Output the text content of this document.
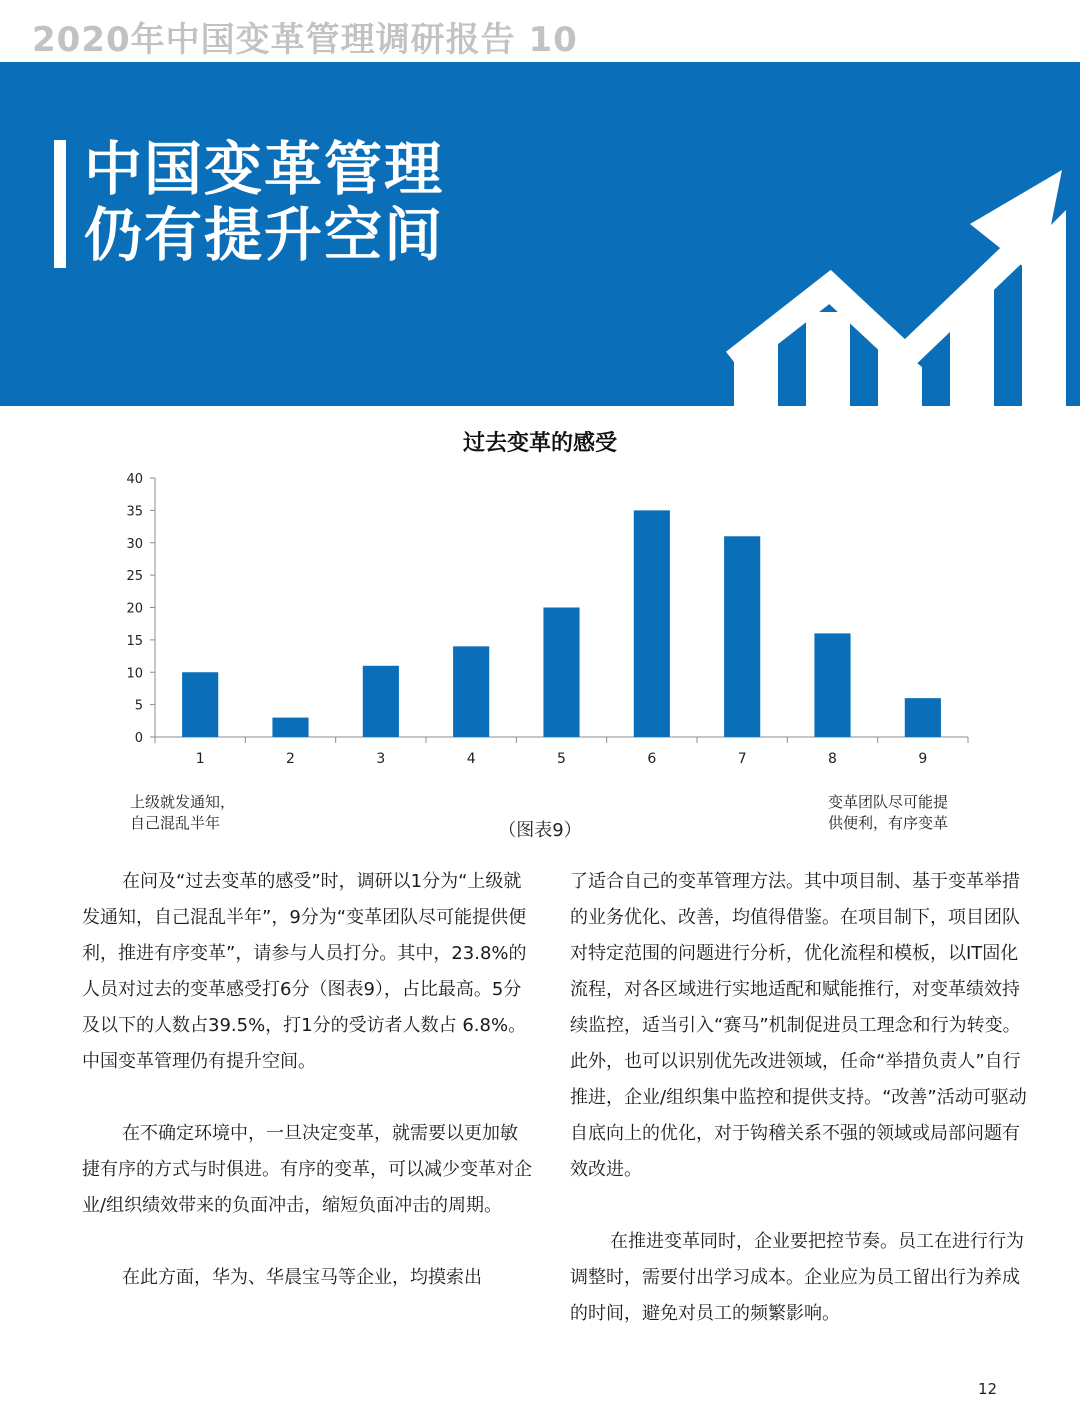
2020年中国变革管理调研报告 10
中国变革管理
仍有提升空间
过去变革的感受
0
5
10
15
20
25
30
35
40
1	2	3	4	5	6	7	8	9
上级就发通知，
自己混乱半年
变革团队尽可能提
供便利，有序变革
（图表9）

在问及“过去变革的感受”时，调研以1分为“上级就发通知，自己混乱半年”，9分为“变革团队尽可能提供便利，推进有序变革”，请参与人员打分。其中，23.8%的人员对过去的变革感受打6分（图表9），占比最高。5分及以下的人数占39.5%，打1分的受访者人数占 6.8%。中国变革管理仍有提升空间。

在不确定环境中，一旦决定变革，就需要以更加敏捷有序的方式与时俱进。有序的变革，可以减少变革对企业/组织绩效带来的负面冲击，缩短负面冲击的周期。

在此方面，华为、华晨宝马等企业，均摸索出

了适合自己的变革管理方法。其中项目制、基于变革举措的业务优化、改善，均值得借鉴。在项目制下，项目团队对特定范围的问题进行分析，优化流程和模板，以IT固化流程，对各区域进行实地适配和赋能推行，对变革绩效持续监控，适当引入“赛马”机制促进员工理念和行为转变。此外，也可以识别优先改进领域，任命“举措负责人”自行推进，企业/组织集中监控和提供支持。“改善”活动可驱动自底向上的优化，对于钩稽关系不强的领域或局部问题有效改进。

在推进变革同时，企业要把控节奏。员工在进行行为调整时，需要付出学习成本。企业应为员工留出行为养成的时间，避免对员工的频繁影响。

12
